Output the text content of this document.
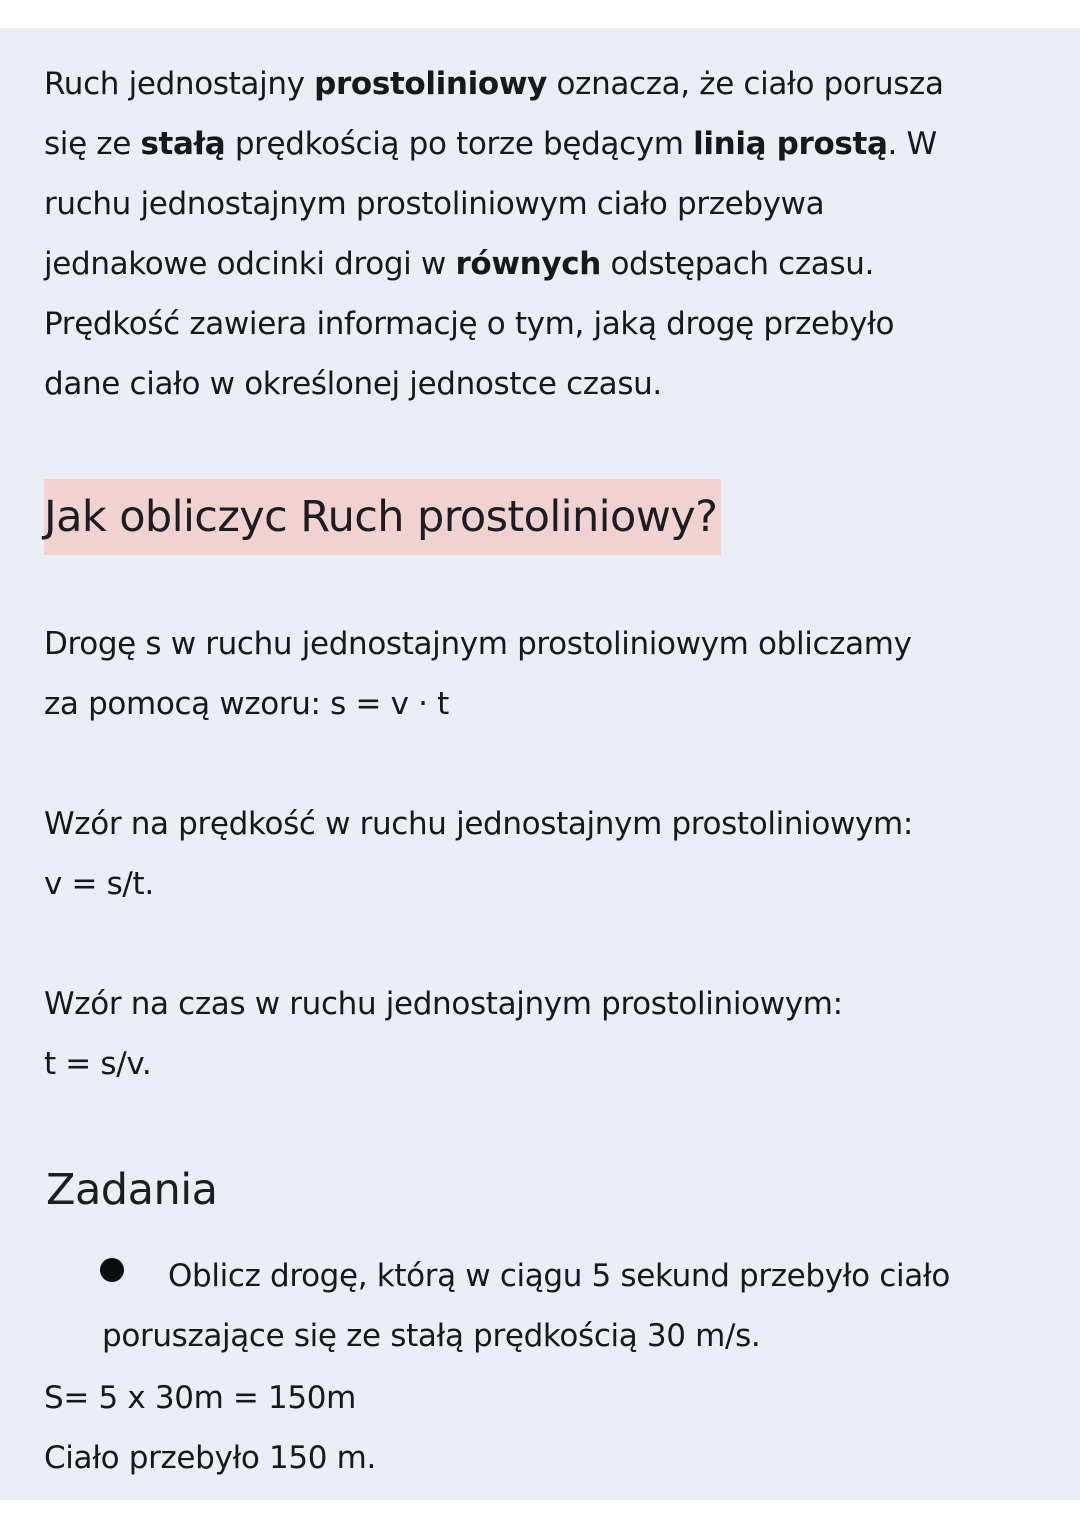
Ruch jednostajny prostoliniowy oznacza, że ciało porusza
się ze stałą prędkością po torze będącym linią prostą. W
ruchu jednostajnym prostoliniowym ciało przebywa
jednakowe odcinki drogi w równych odstępach czasu.
Prędkość zawiera informację o tym, jaką drogę przebyło
dane ciało w określonej jednostce czasu.

Jak obliczyc Ruch prostoliniowy?

Drogę s w ruchu jednostajnym prostoliniowym obliczamy
za pomocą wzoru: s = v · t

Wzór na prędkość w ruchu jednostajnym prostoliniowym:
v = s/t.

Wzór na czas w ruchu jednostajnym prostoliniowym:
t = s/v.

Zadania

Oblicz drogę, którą w ciągu 5 sekund przebyło ciało

poruszające się ze stałą prędkością 30 m/s.

S= 5 x 30m = 150m

Ciało przebyło 150 m.
